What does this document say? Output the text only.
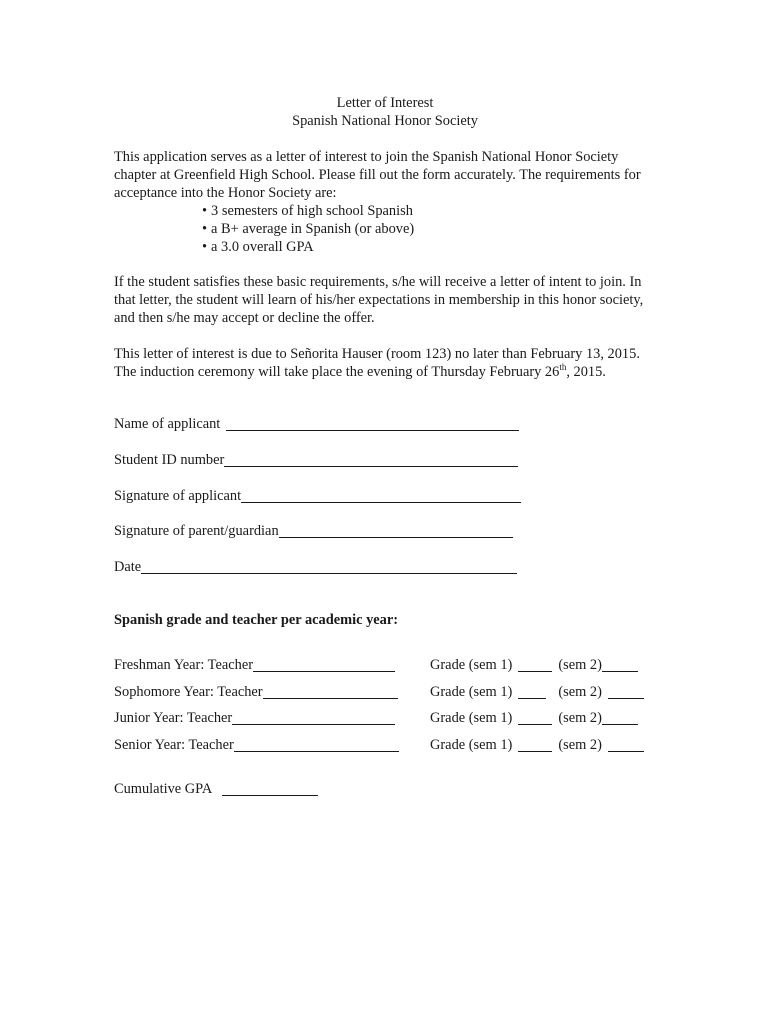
Letter of Interest
Spanish National Honor Society

This application serves as a letter of interest to join the Spanish National Honor Society chapter at Greenfield High School. Please fill out the form accurately. The requirements for acceptance into the Honor Society are:

• 3 semesters of high school Spanish
• a B+ average in Spanish (or above)
• a 3.0 overall GPA

If the student satisfies these basic requirements, s/he will receive a letter of intent to join. In that letter, the student will learn of his/her expectations in membership in this honor society, and then s/he may accept or decline the offer.

This letter of interest is due to Señorita Hauser (room 123) no later than February 13, 2015. The induction ceremony will take place the evening of Thursday February 26th, 2015.

Name of applicant
Student ID number
Signature of applicant
Signature of parent/guardian
Date
Spanish grade and teacher per academic year:
Freshman Year: Teacher	Grade (sem 1)	(sem 2)
Sophomore Year: Teacher	Grade (sem 1)	(sem 2)
Junior Year: Teacher	Grade (sem 1)	(sem 2)
Senior Year: Teacher	Grade (sem 1)	(sem 2)
Cumulative GPA
